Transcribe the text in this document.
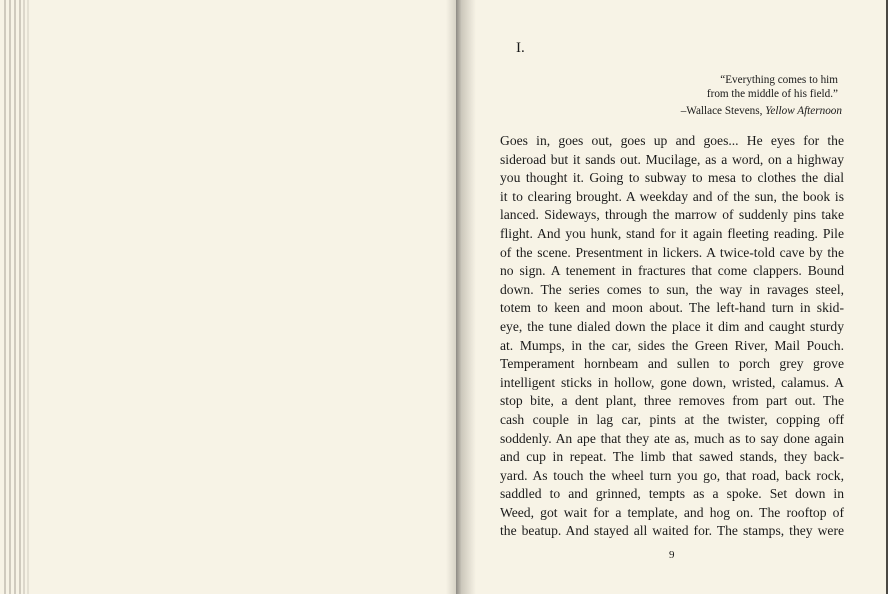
I.
“Everything comes to him
from the middle of his field.”
–Wallace Stevens, Yellow Afternoon
Goes in, goes out, goes up and goes... He eyes for the
sideroad but it sands out. Mucilage, as a word, on a highway
you thought it. Going to subway to mesa to clothes the dial
it to clearing brought. A weekday and of the sun, the book is
lanced. Sideways, through the marrow of suddenly pins take
flight. And you hunk, stand for it again fleeting reading. Pile
of the scene. Presentment in lickers. A twice-told cave by the
no sign. A tenement in fractures that come clappers. Bound
down. The series comes to sun, the way in ravages steel,
totem to keen and moon about. The left-hand turn in skid-
eye, the tune dialed down the place it dim and caught sturdy
at. Mumps, in the car, sides the Green River, Mail Pouch.
Temperament hornbeam and sullen to porch grey grove
intelligent sticks in hollow, gone down, wristed, calamus. A
stop bite, a dent plant, three removes from part out. The
cash couple in lag car, pints at the twister, copping off
soddenly. An ape that they ate as, much as to say done again
and cup in repeat. The limb that sawed stands, they back-
yard. As touch the wheel turn you go, that road, back rock,
saddled to and grinned, tempts as a spoke. Set down in
Weed, got wait for a template, and hog on. The rooftop of
the beatup. And stayed all waited for. The stamps, they were
9
